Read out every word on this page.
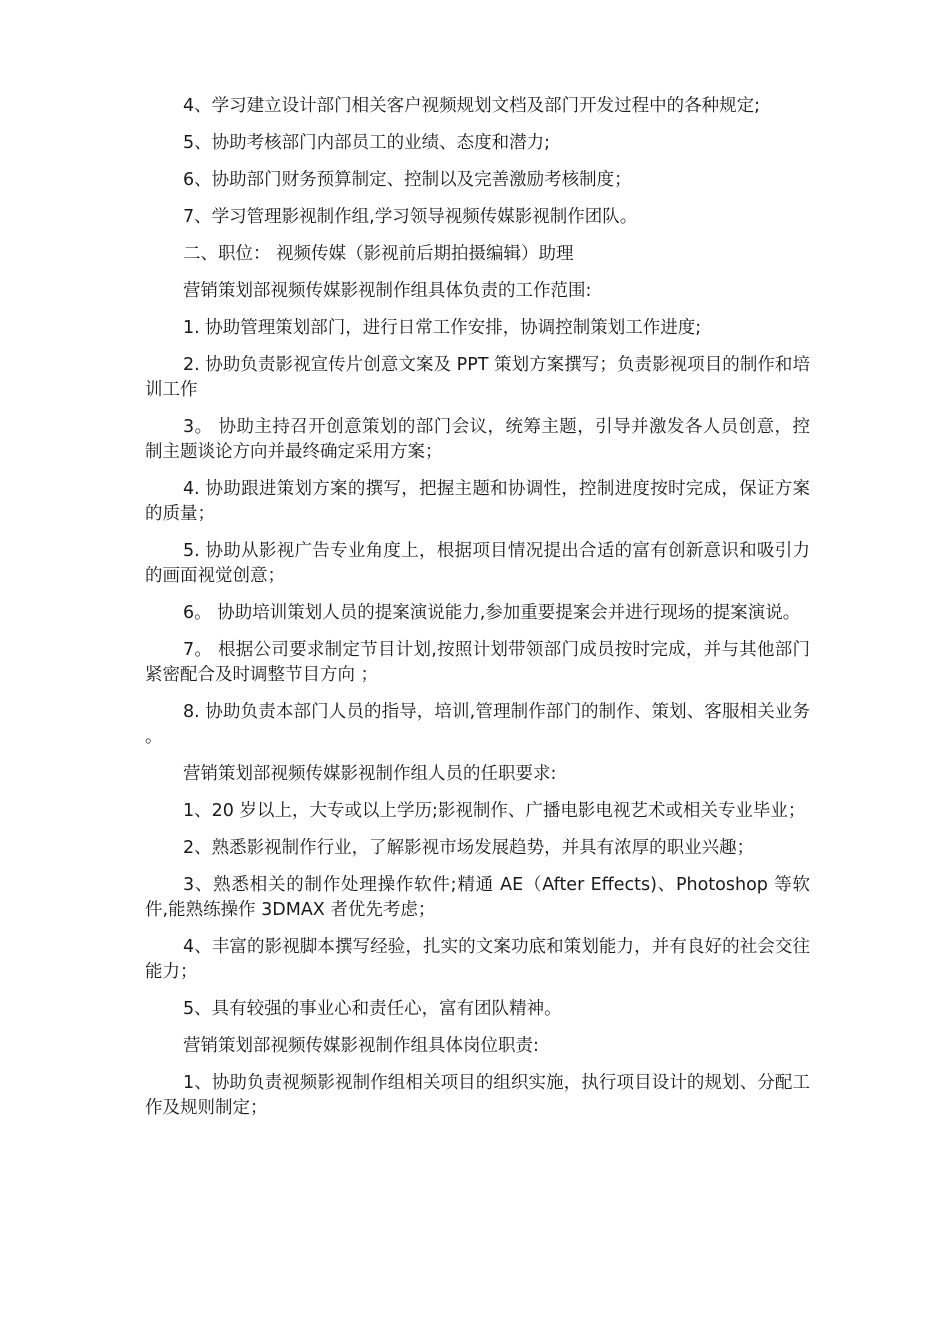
4、学习建立设计部门相关客户视频规划文档及部门开发过程中的各种规定;

5、协助考核部门内部员工的业绩、态度和潜力;

6、协助部门财务预算制定、控制以及完善激励考核制度；

7、学习管理影视制作组,学习领导视频传媒影视制作团队。

二、职位： 视频传媒（影视前后期拍摄编辑）助理

营销策划部视频传媒影视制作组具体负责的工作范围:

1. 协助管理策划部门，进行日常工作安排，协调控制策划工作进度;

2. 协助负责影视宣传片创意文案及 PPT 策划方案撰写；负责影视项目的制作和培训工作

3。 协助主持召开创意策划的部门会议，统筹主题，引导并激发各人员创意，控制主题谈论方向并最终确定采用方案；

4. 协助跟进策划方案的撰写，把握主题和协调性，控制进度按时完成，保证方案的质量；

5. 协助从影视广告专业角度上，根据项目情况提出合适的富有创新意识和吸引力的画面视觉创意；

6。 协助培训策划人员的提案演说能力,参加重要提案会并进行现场的提案演说。

7。 根据公司要求制定节目计划,按照计划带领部门成员按时完成，并与其他部门紧密配合及时调整节目方向 ；

8. 协助负责本部门人员的指导，培训,管理制作部门的制作、策划、客服相关业务 。

营销策划部视频传媒影视制作组人员的任职要求:

1、20 岁以上，大专或以上学历;影视制作、广播电影电视艺术或相关专业毕业；

2、熟悉影视制作行业，了解影视市场发展趋势，并具有浓厚的职业兴趣；

3、熟悉相关的制作处理操作软件;精通 AE（After Effects)、Photoshop 等软件,能熟练操作 3DMAX 者优先考虑；

4、丰富的影视脚本撰写经验，扎实的文案功底和策划能力，并有良好的社会交往能力；

5、具有较强的事业心和责任心，富有团队精神。

营销策划部视频传媒影视制作组具体岗位职责:

1、协助负责视频影视制作组相关项目的组织实施，执行项目设计的规划、分配工作及规则制定；
